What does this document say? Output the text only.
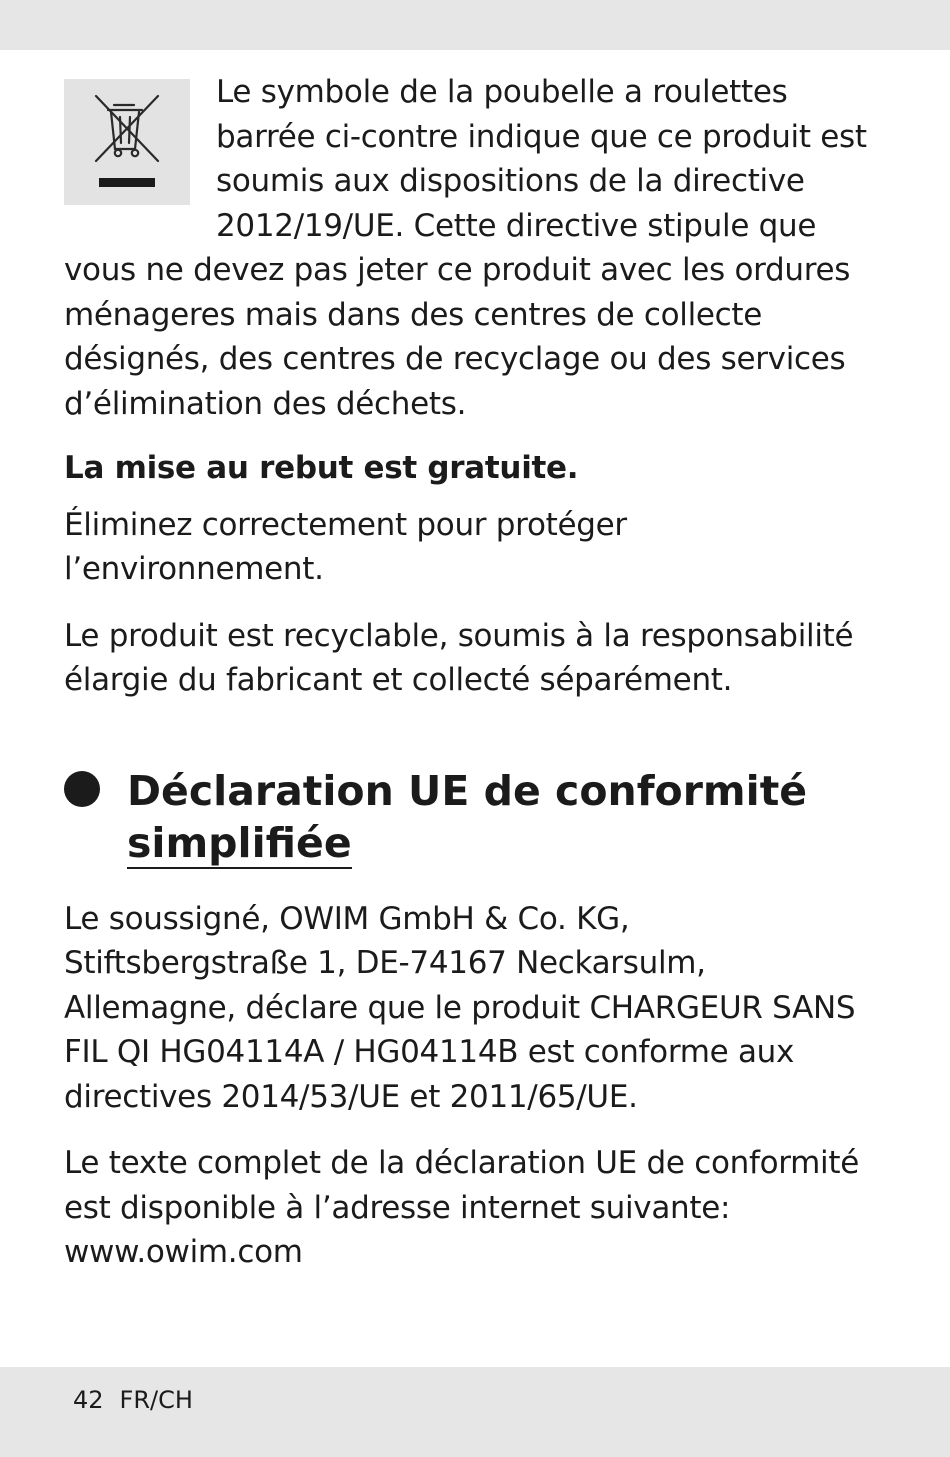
Le symbole de la poubelle a roulettes barrée ci-contre indique que ce produit est soumis aux dispositions de la directive 2012/19/UE. Cette directive stipule que vous ne devez pas jeter ce produit avec les ordures ménageres mais dans des centres de collecte désignés, des centres de recyclage ou des services d’élimination des déchets.

La mise au rebut est gratuite.

Éliminez correctement pour protéger l’environnement.

Le produit est recyclable, soumis à la responsabilité élargie du fabricant et collecté séparément.

Déclaration UE de conformité
simplifiée

Le soussigné, OWIM GmbH & Co. KG, Stiftsbergstraße 1, DE-74167 Neckarsulm, Allemagne, déclare que le produit CHARGEUR SANS FIL QI HG04114A / HG04114B est conforme aux directives 2014/53/UE et 2011/65/UE.

Le texte complet de la déclaration UE de conformité est disponible à l’adresse internet suivante: www.owim.com

42 FR/CH
